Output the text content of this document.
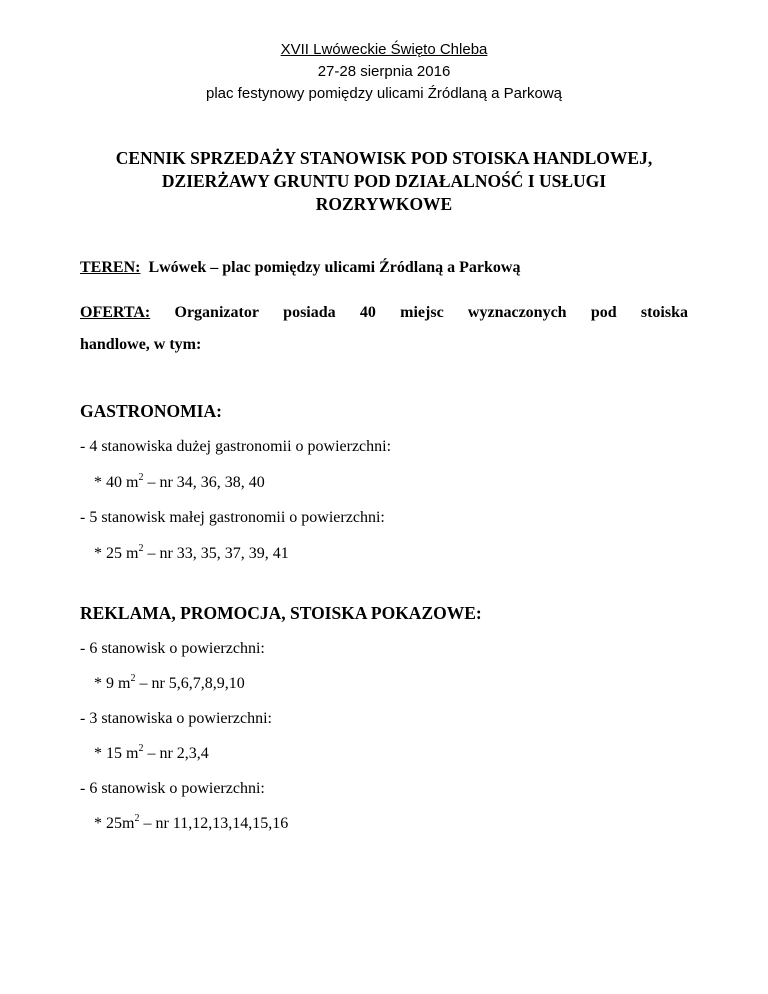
XVII Lwóweckie Święto Chleba
27-28 sierpnia 2016
plac festynowy pomiędzy ulicami Źródlaną a Parkową
CENNIK SPRZEDAŻY STANOWISK POD STOISKA HANDLOWEJ,
DZIERŻAWY GRUNTU POD DZIAŁALNOŚĆ I USŁUGI
ROZRYWKOWE
TEREN: Lwówek – plac pomiędzy ulicami Źródlaną a Parkową
OFERTA: Organizator posiada 40 miejsc wyznaczonych pod stoiska
handlowe, w tym:
GASTRONOMIA:
- 4 stanowiska dużej gastronomii o powierzchni:
* 40 $m^2$ – nr 34, 36, 38, 40
- 5 stanowisk małej gastronomii o powierzchni:
* 25 $m^2$ – nr 33, 35, 37, 39, 41
REKLAMA, PROMOCJA, STOISKA POKAZOWE:
- 6 stanowisk o powierzchni:
* 9 $m^2$ – nr 5,6,7,8,9,10
- 3 stanowiska o powierzchni:
* 15 $m^2$ – nr 2,3,4
- 6 stanowisk o powierzchni:
* $25m^2$ – nr 11,12,13,14,15,16
